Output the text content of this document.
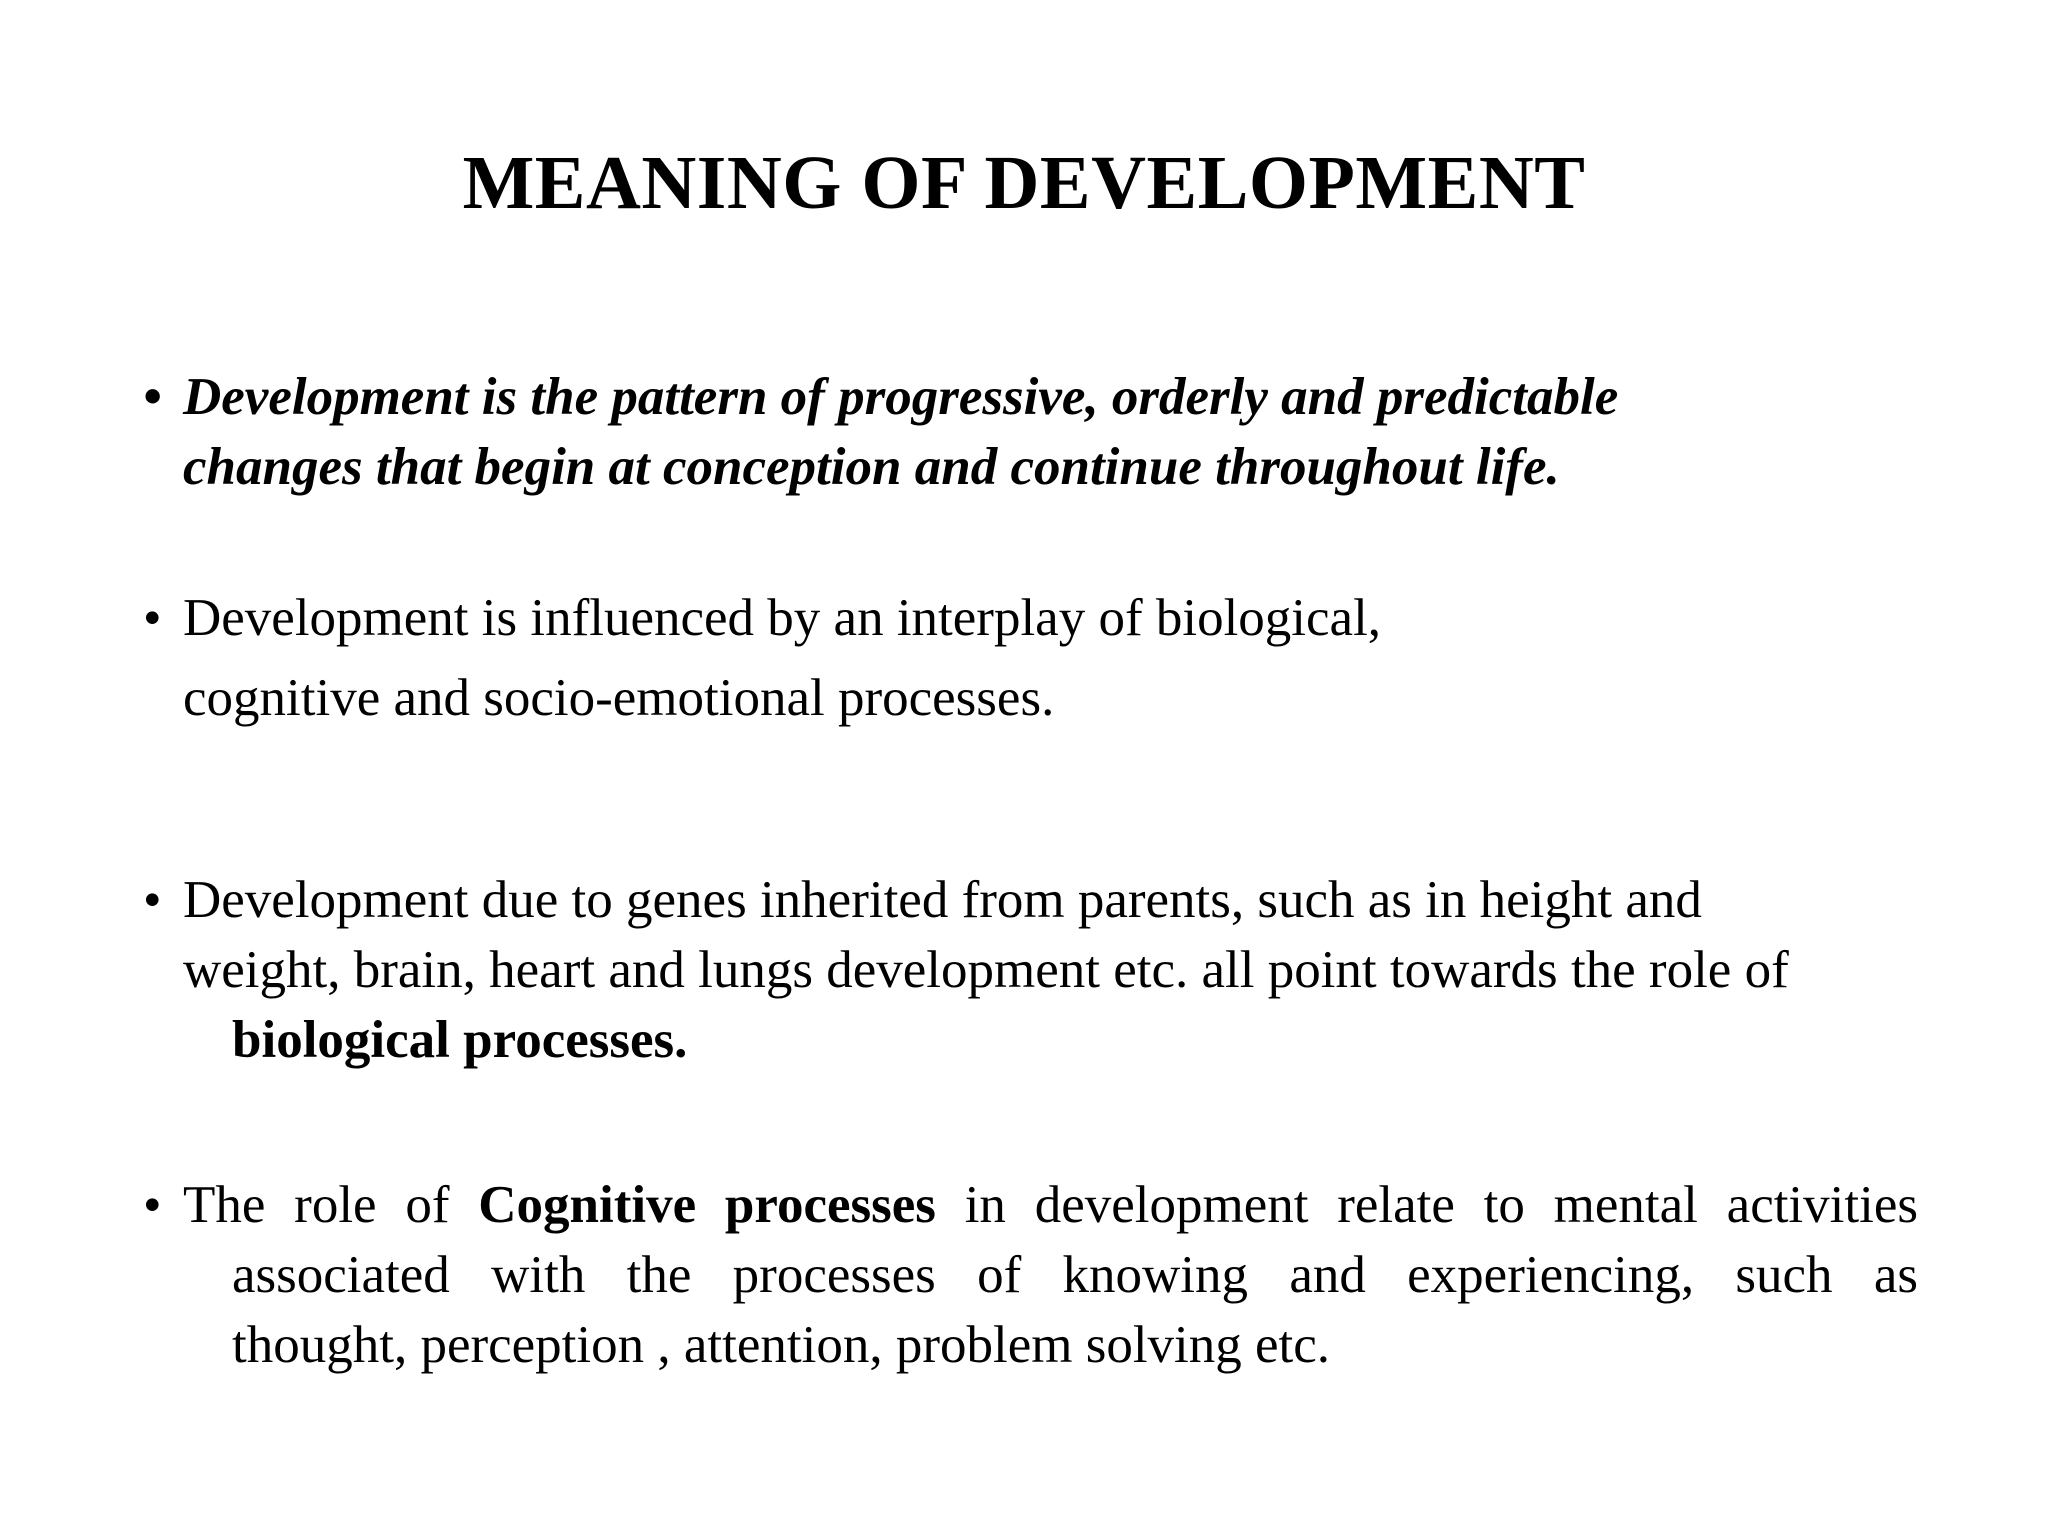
MEANING OF DEVELOPMENT
• Development is the pattern of progressive, orderly and predictable
changes that begin at conception and continue throughout life.
• Development is influenced by an interplay of biological,
cognitive and socio-emotional processes.
• Development due to genes inherited from parents, such as in height and
weight, brain, heart and lungs development etc. all point towards the role of
biological processes.
• The role of Cognitive processes in development relate to mental activities
associated with the processes of knowing and experiencing, such as
thought, perception , attention, problem solving etc.
